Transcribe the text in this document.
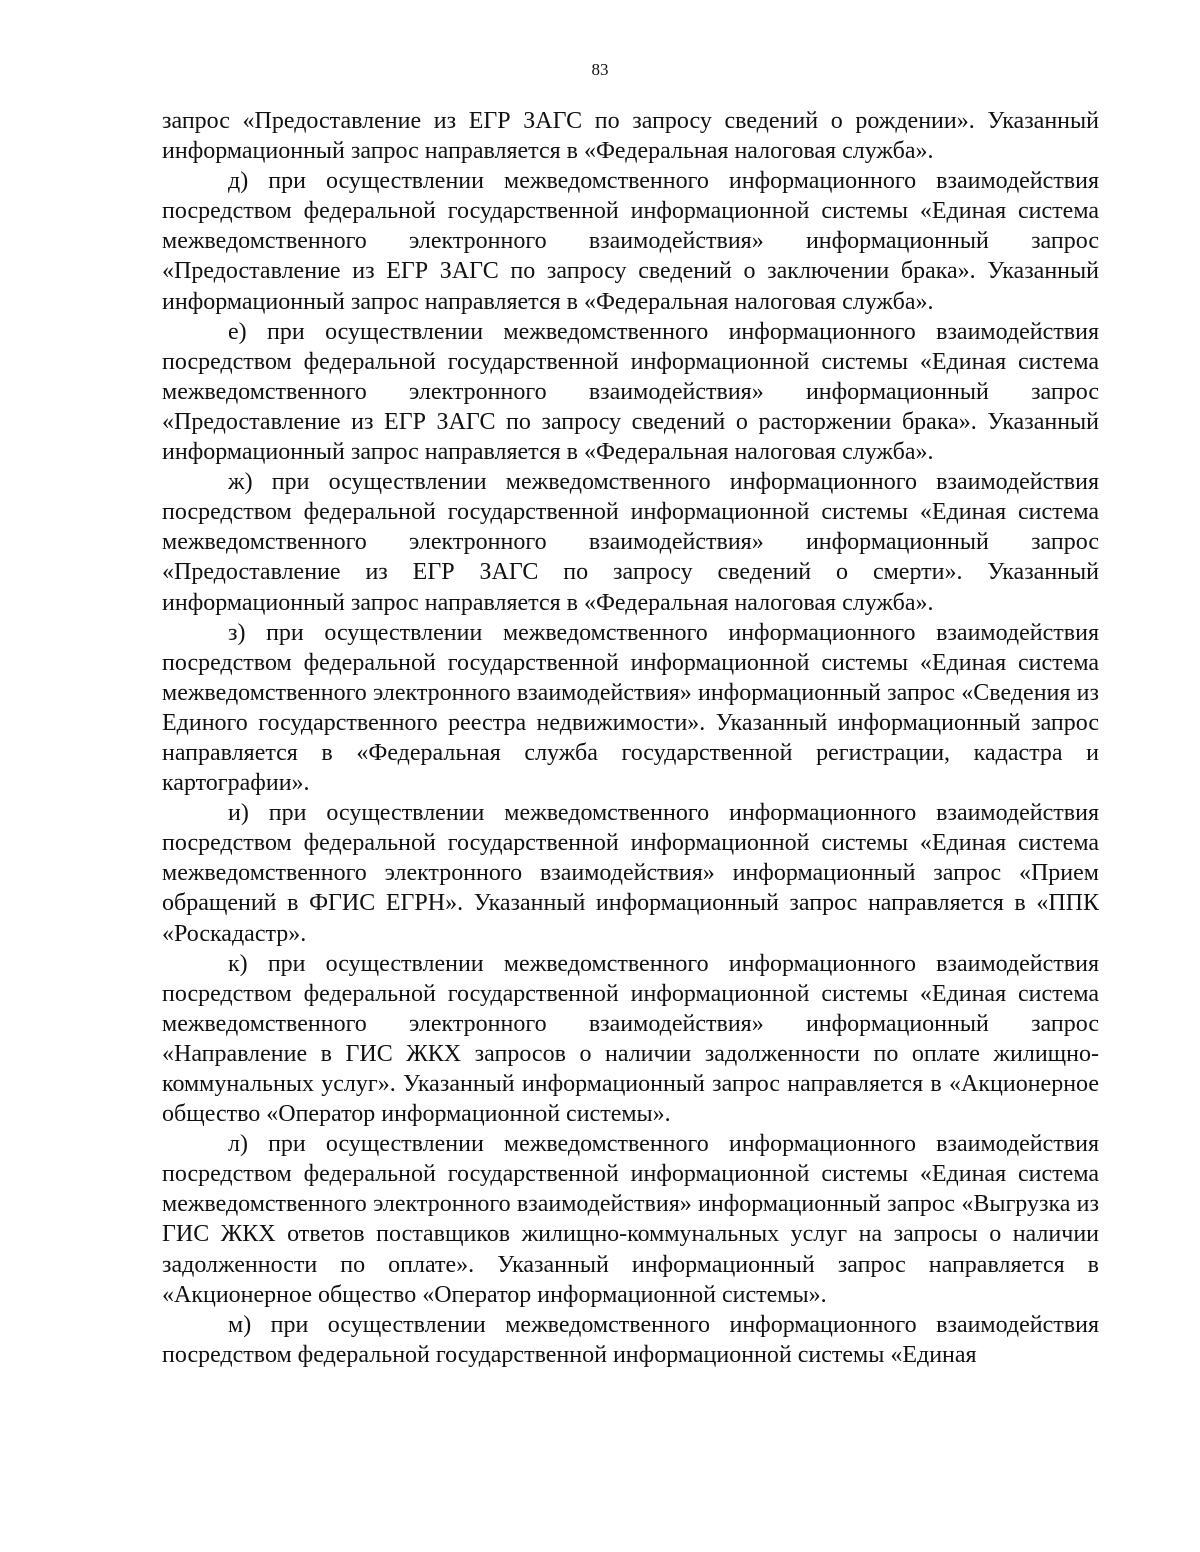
83

запрос «Предоставление из ЕГР ЗАГС по запросу сведений о рождении». Указанный информационный запрос направляется в «Федеральная налоговая служба».

д) при осуществлении межведомственного информационного взаимодействия посредством федеральной государственной информационной системы «Единая система межведомственного электронного взаимодействия» информационный запрос «Предоставление из ЕГР ЗАГС по запросу сведений о заключении брака». Указанный информационный запрос направляется в «Федеральная налоговая служба».

е) при осуществлении межведомственного информационного взаимодействия посредством федеральной государственной информационной системы «Единая система межведомственного электронного взаимодействия» информационный запрос «Предоставление из ЕГР ЗАГС по запросу сведений о расторжении брака». Указанный информационный запрос направляется в «Федеральная налоговая служба».

ж) при осуществлении межведомственного информационного взаимодействия посредством федеральной государственной информационной системы «Единая система межведомственного электронного взаимодействия» информационный запрос «Предоставление из ЕГР ЗАГС по запросу сведений о смерти». Указанный информационный запрос направляется в «Федеральная налоговая служба».

з) при осуществлении межведомственного информационного взаимодействия посредством федеральной государственной информационной системы «Единая система межведомственного электронного взаимодействия» информационный запрос «Сведения из Единого государственного реестра недвижимости». Указанный информационный запрос направляется в «Федеральная служба государственной регистрации, кадастра и картографии».

и) при осуществлении межведомственного информационного взаимодействия посредством федеральной государственной информационной системы «Единая система межведомственного электронного взаимодействия» информационный запрос «Прием обращений в ФГИС ЕГРН». Указанный информационный запрос направляется в «ППК «Роскадастр».

к) при осуществлении межведомственного информационного взаимодействия посредством федеральной государственной информационной системы «Единая система межведомственного электронного взаимодействия» информационный запрос «Направление в ГИС ЖКХ запросов о наличии задолженности по оплате жилищно-коммунальных услуг». Указанный информационный запрос направляется в «Акционерное общество «Оператор информационной системы».

л) при осуществлении межведомственного информационного взаимодействия посредством федеральной государственной информационной системы «Единая система межведомственного электронного взаимодействия» информационный запрос «Выгрузка из ГИС ЖКХ ответов поставщиков жилищно-коммунальных услуг на запросы о наличии задолженности по оплате». Указанный информационный запрос направляется в «Акционерное общество «Оператор информационной системы».

м) при осуществлении межведомственного информационного взаимодействия посредством федеральной государственной информационной системы «Единая
